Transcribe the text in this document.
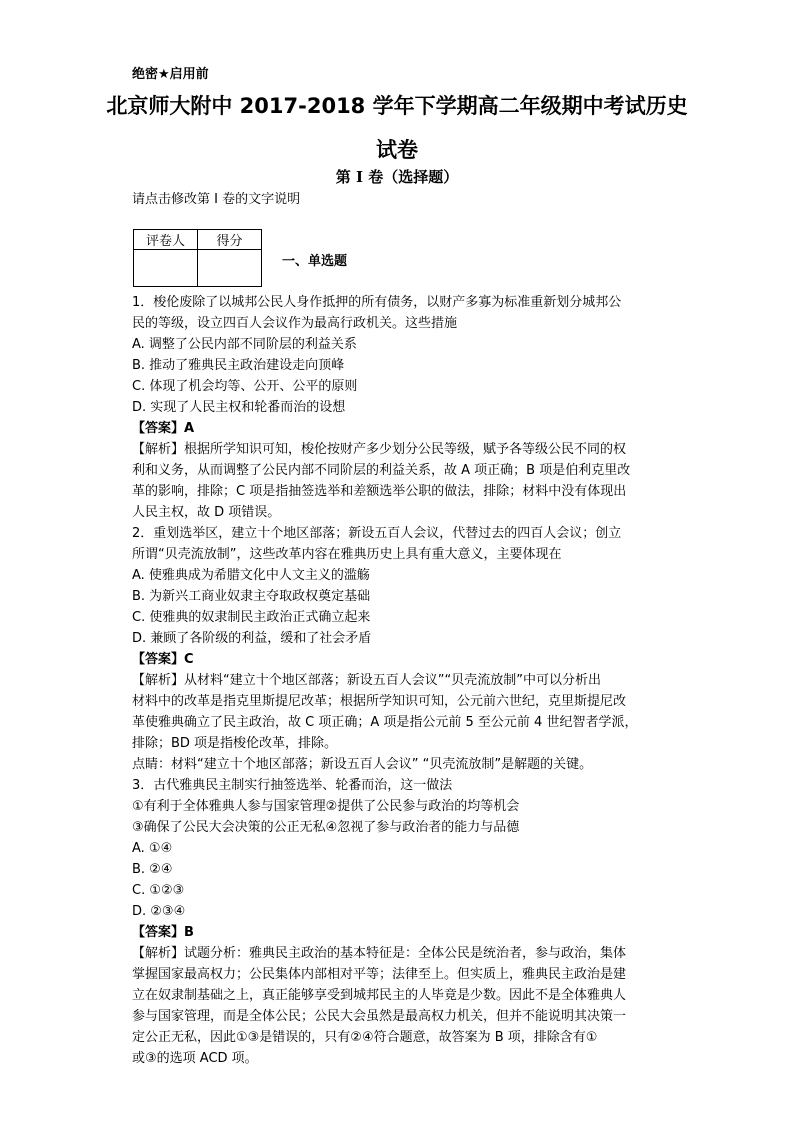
绝密★启用前
北京师大附中 2017-2018 学年下学期高二年级期中考试历史
试卷
第 I 卷（选择题）
请点击修改第 I 卷的文字说明
评卷人	得分

一、单选题
1．梭伦废除了以城邦公民人身作抵押的所有债务，以财产多寡为标准重新划分城邦公
民的等级，设立四百人会议作为最高行政机关。这些措施
A. 调整了公民内部不同阶层的利益关系
B. 推动了雅典民主政治建设走向顶峰
C. 体现了机会均等、公开、公平的原则
D. 实现了人民主权和轮番而治的设想
【答案】A
【解析】根据所学知识可知，梭伦按财产多少划分公民等级，赋予各等级公民不同的权
利和义务，从而调整了公民内部不同阶层的利益关系，故 A 项正确；B 项是伯利克里改
革的影响，排除；C 项是指抽签选举和差额选举公职的做法，排除；材料中没有体现出
人民主权，故 D 项错误。
2．重划选举区，建立十个地区部落；新设五百人会议，代替过去的四百人会议；创立
所谓“贝壳流放制”，这些改革内容在雅典历史上具有重大意义，主要体现在
A. 使雅典成为希腊文化中人文主义的滥觞
B. 为新兴工商业奴隶主夺取政权奠定基础
C. 使雅典的奴隶制民主政治正式确立起来
D. 兼顾了各阶级的利益，缓和了社会矛盾
【答案】C
【解析】从材料“建立十个地区部落；新设五百人会议”“贝壳流放制”中可以分析出
材料中的改革是指克里斯提尼改革；根据所学知识可知，公元前六世纪，克里斯提尼改
革使雅典确立了民主政治，故 C 项正确；A 项是指公元前 5 至公元前 4 世纪智者学派，
排除；BD 项是指梭伦改革，排除。
点睛：材料“建立十个地区部落；新设五百人会议” “贝壳流放制”是解题的关键。
3．古代雅典民主制实行抽签选举、轮番而治，这一做法
①有利于全体雅典人参与国家管理②提供了公民参与政治的均等机会
③确保了公民大会决策的公正无私④忽视了参与政治者的能力与品德
A. ①④
B. ②④
C. ①②③
D. ②③④
【答案】B
【解析】试题分析：雅典民主政治的基本特征是：全体公民是统治者，参与政治，集体
掌握国家最高权力；公民集体内部相对平等；法律至上。但实质上，雅典民主政治是建
立在奴隶制基础之上，真正能够享受到城邦民主的人毕竟是少数。因此不是全体雅典人
参与国家管理，而是全体公民；公民大会虽然是最高权力机关，但并不能说明其决策一
定公正无私，因此①③是错误的，只有②④符合题意，故答案为 B 项，排除含有①
或③的选项 ACD 项。
